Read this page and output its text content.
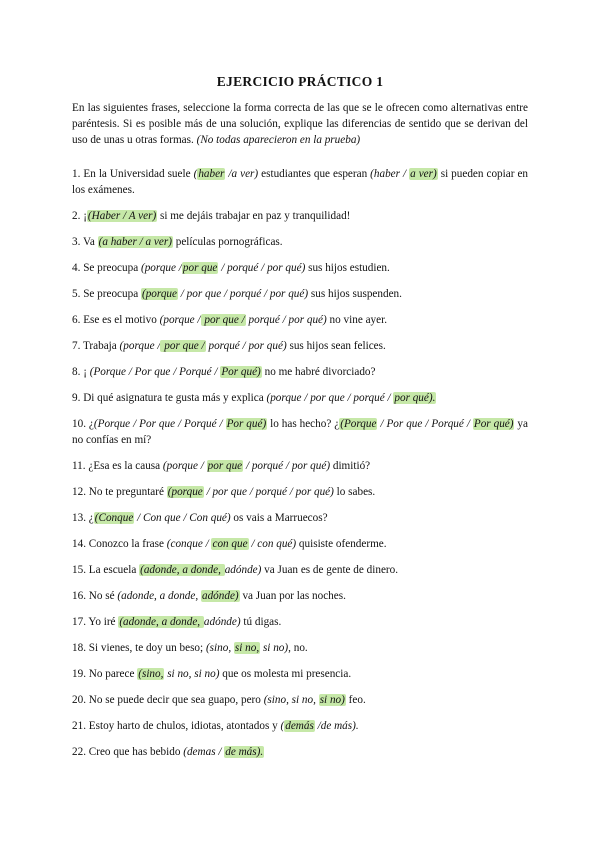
EJERCICIO PRÁCTICO 1
En las siguientes frases, seleccione la forma correcta de las que se le ofrecen como alternativas entre paréntesis. Si es posible más de una solución, explique las diferencias de sentido que se derivan del uso de unas u otras formas. (No todas aparecieron en la prueba)
1. En la Universidad suele (haber /a ver) estudiantes que esperan (haber / a ver) si pueden copiar en los exámenes.
2. ¡(Haber / A ver) si me dejáis trabajar en paz y tranquilidad!
3. Va (a haber / a ver) películas pornográficas.
4. Se preocupa (porque /por que / porqué / por qué) sus hijos estudien.
5. Se preocupa (porque / por que / porqué / por qué) sus hijos suspenden.
6. Ese es el motivo (porque / por que / porqué / por qué) no vine ayer.
7. Trabaja (porque / por que / porqué / por qué) sus hijos sean felices.
8. ¡ (Porque / Por que / Porqué / Por qué) no me habré divorciado?
9. Di qué asignatura te gusta más y explica (porque / por que / porqué / por qué).
10. ¿(Porque / Por que / Porqué / Por qué) lo has hecho? ¿(Porque / Por que / Porqué / Por qué) ya no confías en mí?
11. ¿Esa es la causa (porque / por que / porqué / por qué) dimitió?
12. No te preguntaré (porque / por que / porqué / por qué) lo sabes.
13. ¿(Conque / Con que / Con qué) os vais a Marruecos?
14. Conozco la frase (conque / con que / con qué) quisiste ofenderme.
15. La escuela (adonde, a donde, adónde) va Juan es de gente de dinero.
16. No sé (adonde, a donde, adónde) va Juan por las noches.
17. Yo iré (adonde, a donde, adónde) tú digas.
18. Si vienes, te doy un beso; (sino, si no, si no), no.
19. No parece (sino, si no, si no) que os molesta mi presencia.
20. No se puede decir que sea guapo, pero (sino, si no, si no) feo.
21. Estoy harto de chulos, idiotas, atontados y (demás /de más).
22. Creo que has bebido (demas / de más).
